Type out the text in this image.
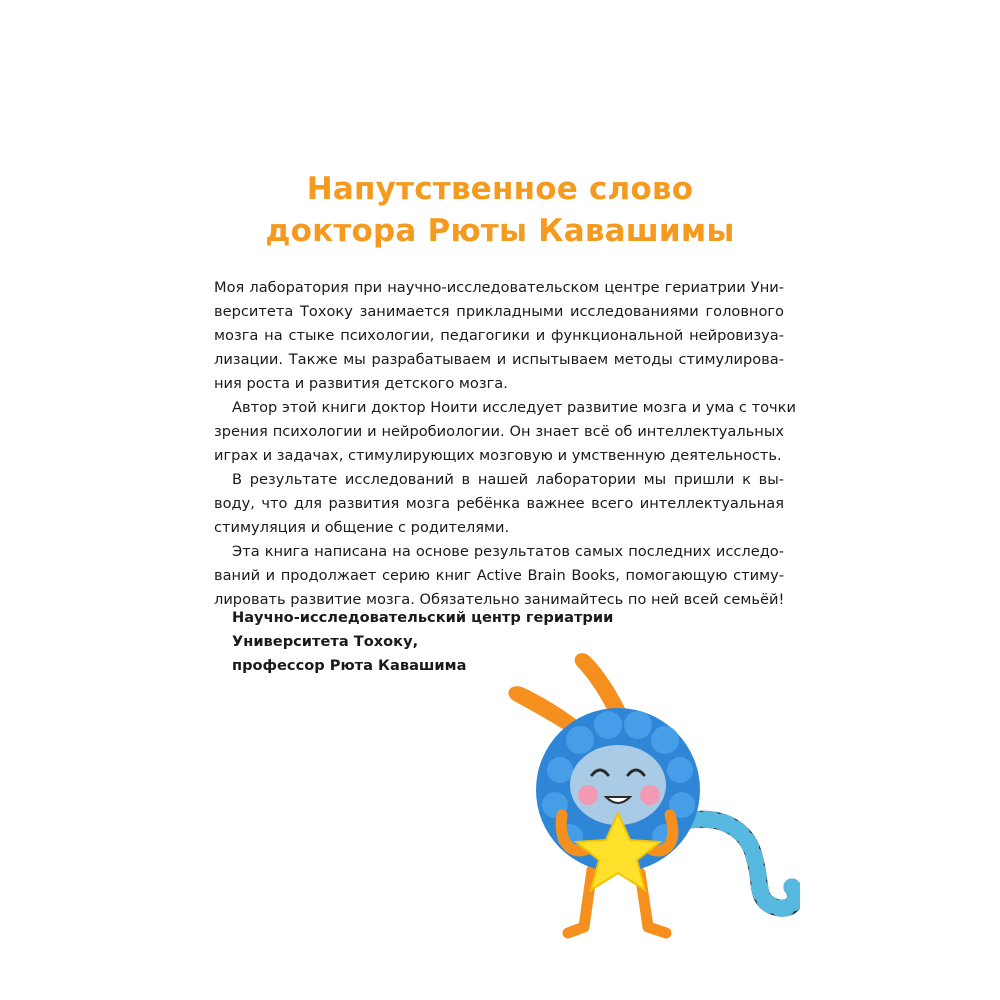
Напутственное слово
доктора Рюты Кавашимы

Моя лаборатория при научно-исследовательском центре гериатрии Уни-
верситета Тохоку занимается прикладными исследованиями головного
мозга на стыке психологии, педагогики и функциональной нейровизуа-
лизации. Также мы разрабатываем и испытываем методы стимулирова-
ния роста и развития детского мозга.

Автор этой книги доктор Ноити исследует развитие мозга и ума с точки
зрения психологии и нейробиологии. Он знает всё об интеллектуальных
играх и задачах, стимулирующих мозговую и умственную деятельность.

В результате исследований в нашей лаборатории мы пришли к вы-
воду, что для развития мозга ребёнка важнее всего интеллектуальная
стимуляция и общение с родителями.

Эта книга написана на основе результатов самых последних исследо-
ваний и продолжает серию книг Active Brain Books, помогающую стиму-
лировать развитие мозга. Обязательно занимайтесь по ней всей семьёй!

Научно-исследовательский центр гериатрии
Университета Тохоку,
профессор Рюта Кавашима
